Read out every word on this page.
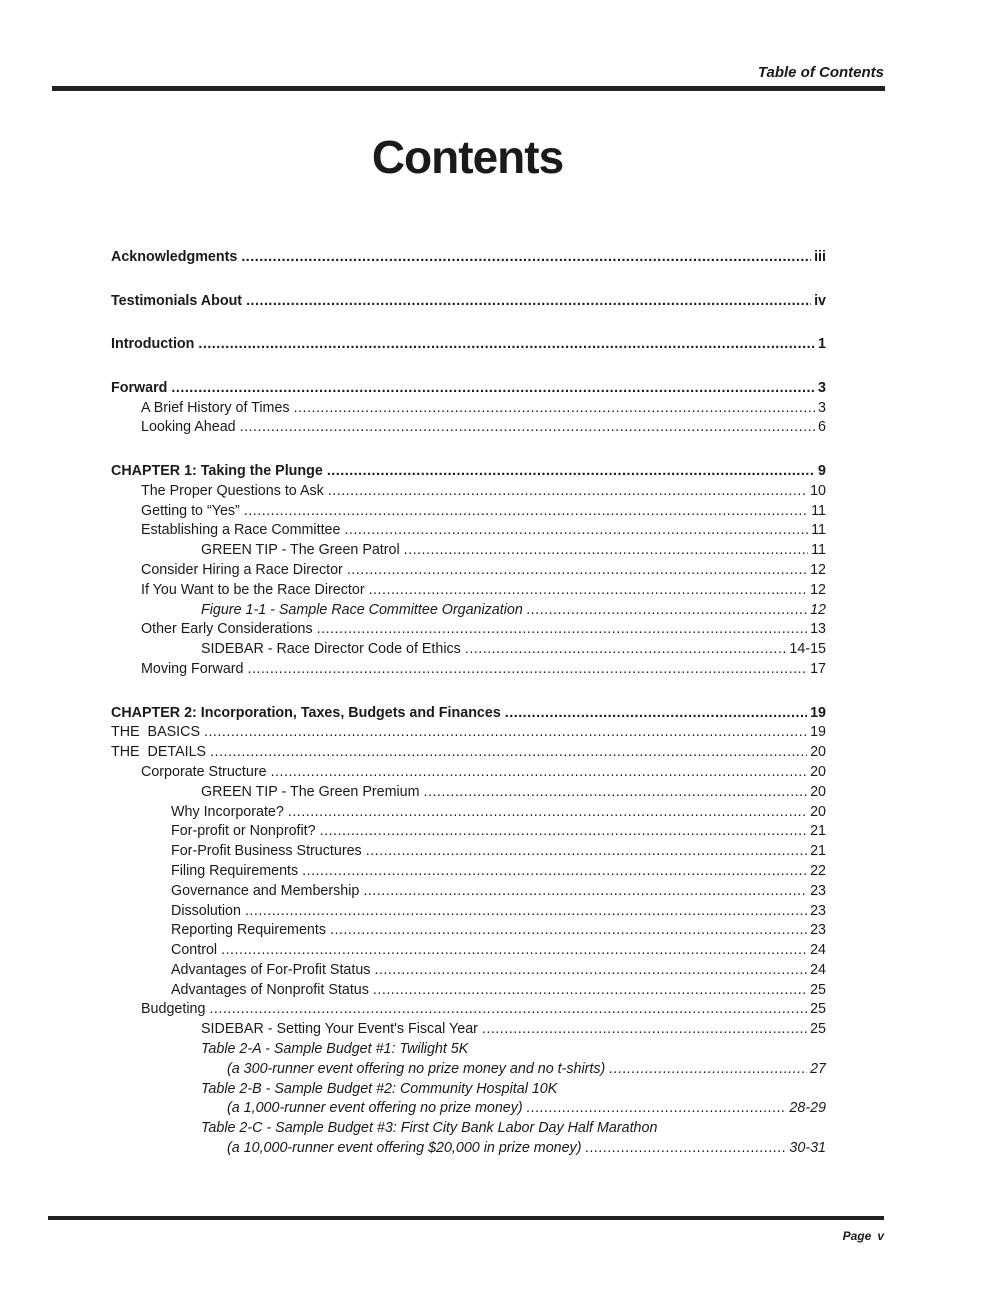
Table of Contents
Contents
Acknowledgments .....	iii
Testimonials About .....	iv
Introduction .....	1
Forward .....	3
A Brief History of Times .....	3
Looking Ahead .....	6
CHAPTER 1: Taking the Plunge .....	9
The Proper Questions to Ask .....	10
Getting to “Yes” .....	11
Establishing a Race Committee .....	11
GREEN TIP - The Green Patrol .....	11
Consider Hiring a Race Director .....	12
If You Want to be the Race Director .....	12
Figure 1-1 - Sample Race Committee Organization .....	12
Other Early Considerations .....	13
SIDEBAR - Race Director Code of Ethics .....	14-15
Moving Forward .....	17
CHAPTER 2: Incorporation, Taxes, Budgets and Finances .....	19
THE  BASICS .....	19
THE  DETAILS .....	20
Corporate Structure .....	20
GREEN TIP - The Green Premium .....	20
Why Incorporate? .....	20
For-profit or Nonprofit? .....	21
For-Profit Business Structures .....	21
Filing Requirements .....	22
Governance and Membership .....	23
Dissolution .....	23
Reporting Requirements .....	23
Control .....	24
Advantages of For-Profit Status .....	24
Advantages of Nonprofit Status .....	25
Budgeting .....	25
SIDEBAR - Setting Your Event's Fiscal Year .....	25
Table 2-A - Sample Budget #1: Twilight 5K
(a 300-runner event offering no prize money and no t-shirts) .....	27
Table 2-B - Sample Budget #2: Community Hospital 10K
(a 1,000-runner event offering no prize money) .....	28-29
Table 2-C - Sample Budget #3: First City Bank Labor Day Half Marathon
(a 10,000-runner event offering $20,000 in prize money) .....	30-31
Page v
